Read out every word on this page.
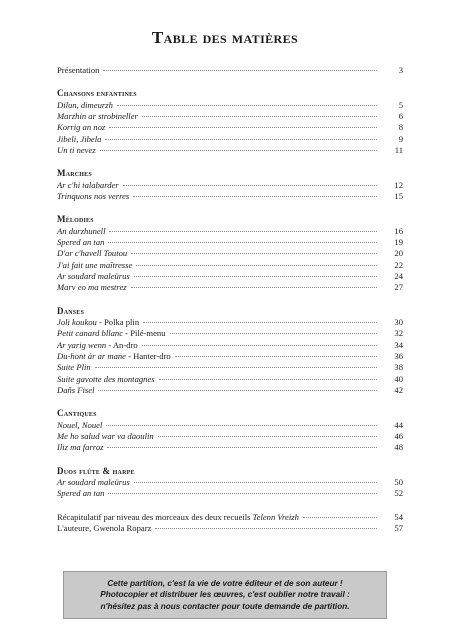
Table des matières
Présentation	3
Chansons enfantines
Dilun, dimeurzh	5
Marzhin ar strobineller	6
Korrig an noz	8
Jibeli, Jibela	9
Un ti nevez	11
Marches
Ar c'hi talabarder	12
Trinquons nos verres	15
Mélodies
An durzhunell	16
Spered an tan	19
D'ar c'havell Toutou	20
J'ai fait une maîtresse	22
Ar soudard maleürus	24
Marv eo ma mestrez	27
Danses
Joli koukou - Polka plin	30
Petit canard bllanc - Pilé-menu	32
Ar yarig wenn - An-dro	34
Du-hont àr ar mane - Hanter-dro	36
Suite Plin	38
Suite gavotte des montagnes	40
Daňs Fisel	42
Cantiques
Nouel, Nouel	44
Me ho salud war va daoulin	46
Iliz ma farroz	48
Duos flûte & harpe
Ar soudard maleürus	50
Spered an tan	52
Récapitulatif par niveau des morceaux des deux recueils Telenn Vreizh	54
L'auteure, Gwenola Roparz	57
Cette partition, c'est la vie de votre éditeur et de son auteur !
Photocopier et distribuer les œuvres, c'est oublier notre travail :
n'hésitez pas à nous contacter pour toute demande de partition.
